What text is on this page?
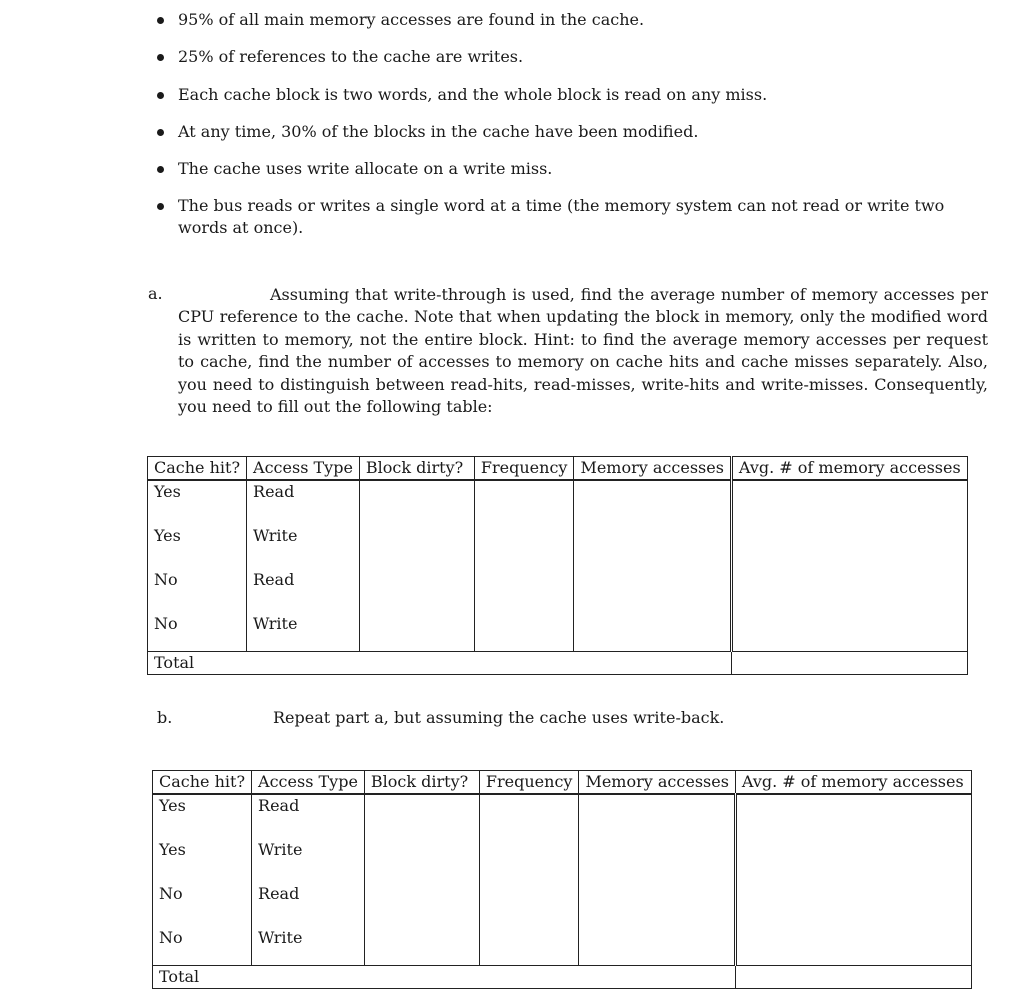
95% of all main memory accesses are found in the cache.
25% of references to the cache are writes.
Each cache block is two words, and the whole block is read on any miss.
At any time, 30% of the blocks in the cache have been modified.
The cache uses write allocate on a write miss.
The bus reads or writes a single word at a time (the memory system can not read or write two words at once).
a.	Assuming that write-through is used, find the average number of memory accesses per CPU reference to the cache. Note that when updating the block in memory, only the modified word is written to memory, not the entire block. Hint: to find the average memory accesses per request to cache, find the number of accesses to memory on cache hits and cache misses separately. Also, you need to distinguish between read-hits, read-misses, write-hits and write-misses. Consequently, you need to fill out the following table:
Cache hit?	Access Type	Block dirty?	Frequency	Memory accesses	Avg. # of memory accesses
Yes	Read				
Yes	Write				
No	Read				
No	Write				
Total					
b.	Repeat part a, but assuming the cache uses write-back.
Cache hit?	Access Type	Block dirty?	Frequency	Memory accesses	Avg. # of memory accesses
Yes	Read				
Yes	Write				
No	Read				
No	Write				
Total					
